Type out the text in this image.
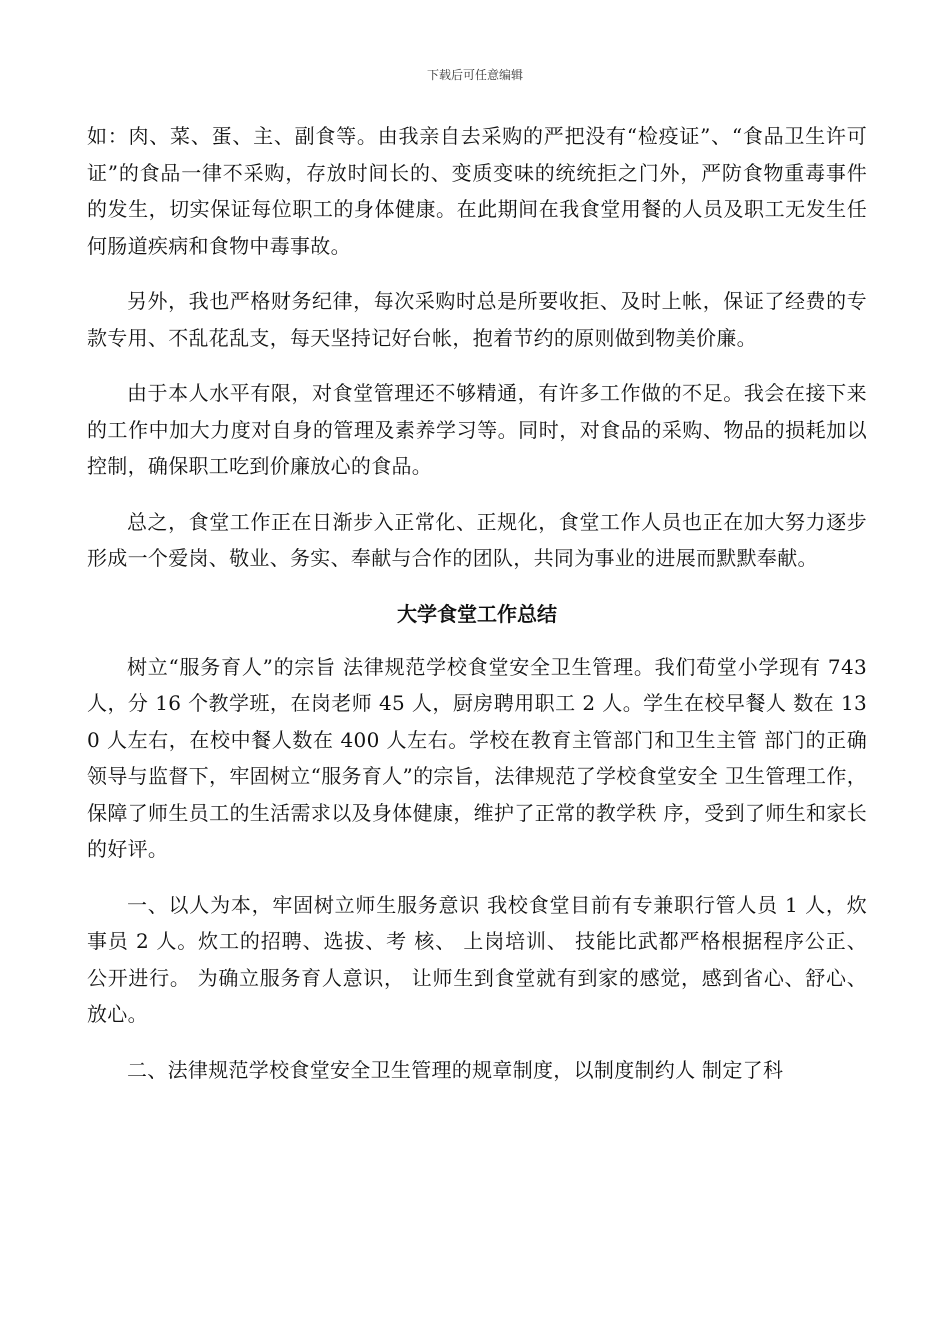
下载后可任意编辑

如：肉、菜、蛋、主、副食等。由我亲自去采购的严把没有“检疫证”、“食品卫生许可证”的食品一律不采购，存放时间长的、变质变味的统统拒之门外，严防食物重毒事件的发生，切实保证每位职工的身体健康。在此期间在我食堂用餐的人员及职工无发生任何肠道疾病和食物中毒事故。

另外，我也严格财务纪律，每次采购时总是所要收拒、及时上帐，保证了经费的专款专用、不乱花乱支，每天坚持记好台帐，抱着节约的原则做到物美价廉。

由于本人水平有限，对食堂管理还不够精通，有许多工作做的不足。我会在接下来的工作中加大力度对自身的管理及素养学习等。同时，对食品的采购、物品的损耗加以控制，确保职工吃到价廉放心的食品。

总之，食堂工作正在日渐步入正常化、正规化，食堂工作人员也正在加大努力逐步形成一个爱岗、敬业、务实、奉献与合作的团队，共同为事业的进展而默默奉献。

大学食堂工作总结

树立“服务育人”的宗旨 法律规范学校食堂安全卫生管理。我们荀堂小学现有 743 人，分 16 个教学班，在岗老师 45 人，厨房聘用职工 2 人。学生在校早餐人 数在 130 人左右，在校中餐人数在 400 人左右。学校在教育主管部门和卫生主管 部门的正确领导与监督下，牢固树立“服务育人”的宗旨，法律规范了学校食堂安全 卫生管理工作，保障了师生员工的生活需求以及身体健康，维护了正常的教学秩 序，受到了师生和家长的好评。

一、以人为本，牢固树立师生服务意识 我校食堂目前有专兼职行管人员 1 人，炊事员 2 人。炊工的招聘、选拔、考 核、 上岗培训、 技能比武都严格根据程序公正、 公开进行。 为确立服务育人意识， 让师生到食堂就有到家的感觉，感到省心、舒心、放心。

二、法律规范学校食堂安全卫生管理的规章制度，以制度制约人 制定了科
